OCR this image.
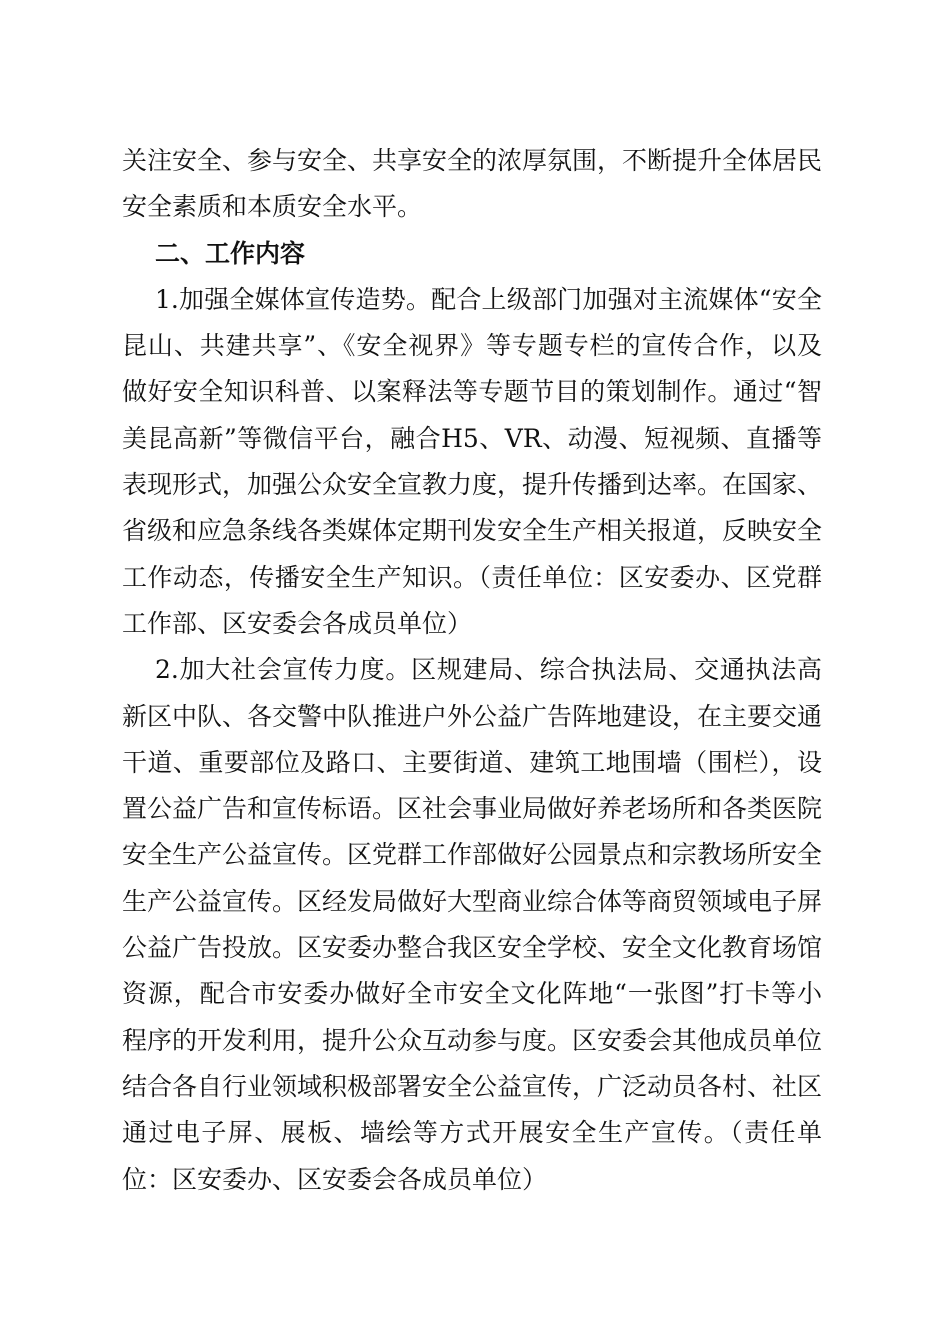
关注安全、参与安全、共享安全的浓厚氛围，不断提升全体居民安全素质和本质安全水平。

二、工作内容

1.加强全媒体宣传造势。配合上级部门加强对主流媒体“安全昆山、共建共享”、《安全视界》等专题专栏的宣传合作，以及做好安全知识科普、以案释法等专题节目的策划制作。通过“智美昆高新”等微信平台，融合H5、VR、动漫、短视频、直播等表现形式，加强公众安全宣教力度，提升传播到达率。在国家、省级和应急条线各类媒体定期刊发安全生产相关报道，反映安全工作动态，传播安全生产知识。（责任单位：区安委办、区党群工作部、区安委会各成员单位）

2.加大社会宣传力度。区规建局、综合执法局、交通执法高新区中队、各交警中队推进户外公益广告阵地建设，在主要交通干道、重要部位及路口、主要街道、建筑工地围墙（围栏），设置公益广告和宣传标语。区社会事业局做好养老场所和各类医院安全生产公益宣传。区党群工作部做好公园景点和宗教场所安全生产公益宣传。区经发局做好大型商业综合体等商贸领域电子屏公益广告投放。区安委办整合我区安全学校、安全文化教育场馆资源，配合市安委办做好全市安全文化阵地“一张图”打卡等小程序的开发利用，提升公众互动参与度。区安委会其他成员单位结合各自行业领域积极部署安全公益宣传，广泛动员各村、社区通过电子屏、展板、墙绘等方式开展安全生产宣传。（责任单位：区安委办、区安委会各成员单位）
